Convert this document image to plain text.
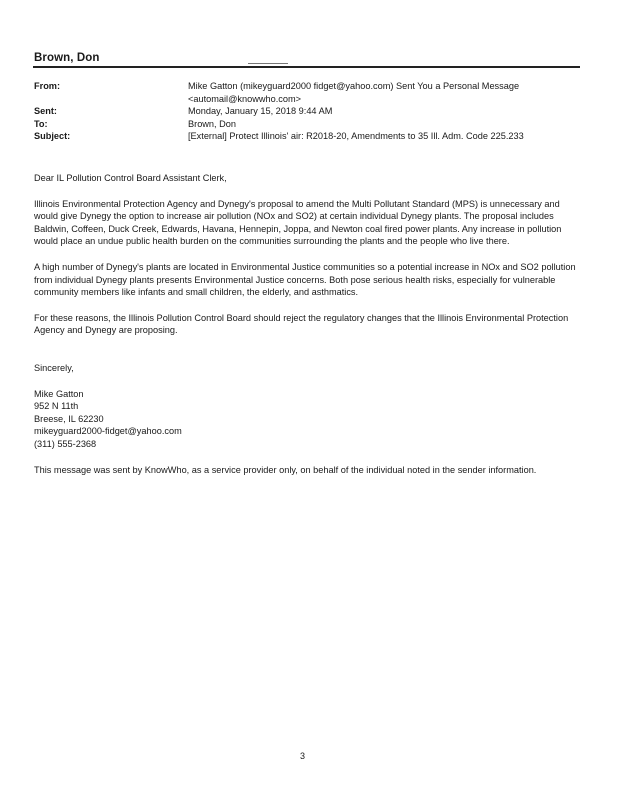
Brown, Don
From:	Mike Gatton (mikeyguard2000 fidget@yahoo.com) Sent You a Personal Message <automail@knowwho.com>
Sent:	Monday, January 15, 2018 9:44 AM
To:	Brown, Don
Subject:	[External] Protect Illinois' air: R2018-20, Amendments to 35 Ill. Adm. Code 225.233

Dear IL Pollution Control Board Assistant Clerk,

Illinois Environmental Protection Agency and Dynegy's proposal to amend the Multi Pollutant Standard (MPS) is unnecessary and would give Dynegy the option to increase air pollution (NOx and SO2) at certain individual Dynegy plants. The proposal includes Baldwin, Coffeen, Duck Creek, Edwards, Havana, Hennepin, Joppa, and Newton coal fired power plants. Any increase in pollution would place an undue public health burden on the communities surrounding the plants and the people who live there.

A high number of Dynegy's plants are located in Environmental Justice communities so a potential increase in NOx and SO2 pollution from individual Dynegy plants presents Environmental Justice concerns. Both pose serious health risks, especially for vulnerable community members like infants and small children, the elderly, and asthmatics.

For these reasons, the Illinois Pollution Control Board should reject the regulatory changes that the Illinois Environmental Protection Agency and Dynegy are proposing.

Sincerely,

Mike Gatton
952 N 11th
Breese, IL 62230
mikeyguard2000-fidget@yahoo.com
(311) 555-2368

This message was sent by KnowWho, as a service provider only, on behalf of the individual noted in the sender information.

3
